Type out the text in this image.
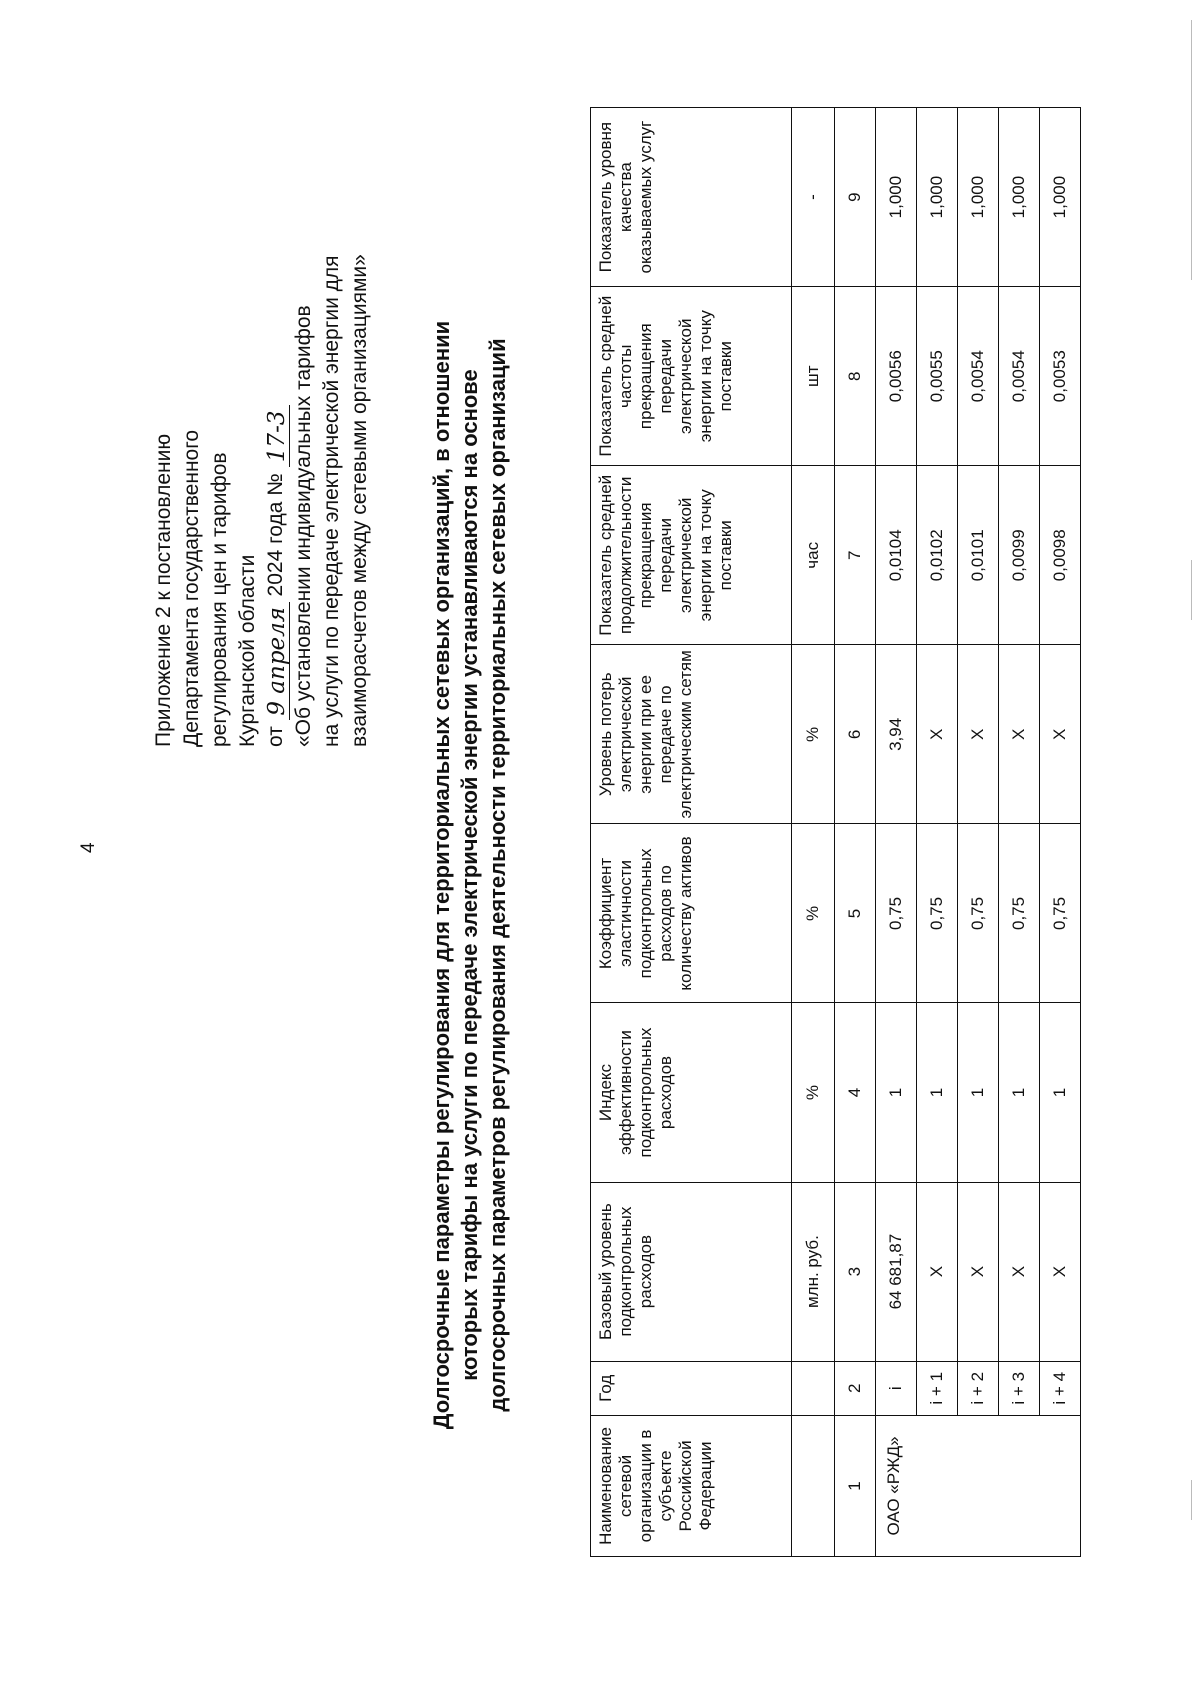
4
Приложение 2 к постановлению Департамента государственного регулирования цен и тарифов Курганской области от 9 апреля 2024 года № 17-3 «Об установлении индивидуальных тарифов на услуги по передаче электрической энергии для взаиморасчетов между сетевыми организациями»	Долгосрочные параметры регулирования для территориальных сетевых организаций, в отношении которых тарифы на услуги по передаче электрической энергии устанавливаются на основе долгосрочных параметров регулирования деятельности территориальных сетевых организаций
Наименование сетевой организации в субъекте Российской Федерации	Год	Базовый уровень подконтрольных расходов	Индекс эффективности подконтрольных расходов	Коэффициент эластичности подконтрольных расходов по количеству активов	Уровень потерь электрической энергии при ее передаче по электрическим сетям	Показатель средней продолжительности прекращения передачи электрической энергии на точку поставки	Показатель средней частоты прекращения передачи электрической энергии на точку поставки	Показатель уровня качества оказываемых услуг
		млн. руб.	%	%	%	час	шт	-
1	2	3	4	5	6	7	8	9
ОАО «РЖД»	i	64 681,87	1	0,75	3,94	0,0104	0,0056	1,000
	i + 1	Х	1	0,75	Х	0,0102	0,0055	1,000
	i + 2	Х	1	0,75	Х	0,0101	0,0054	1,000
	i + 3	Х	1	0,75	Х	0,0099	0,0054	1,000
	i + 4	Х	1	0,75	Х	0,0098	0,0053	1,000
